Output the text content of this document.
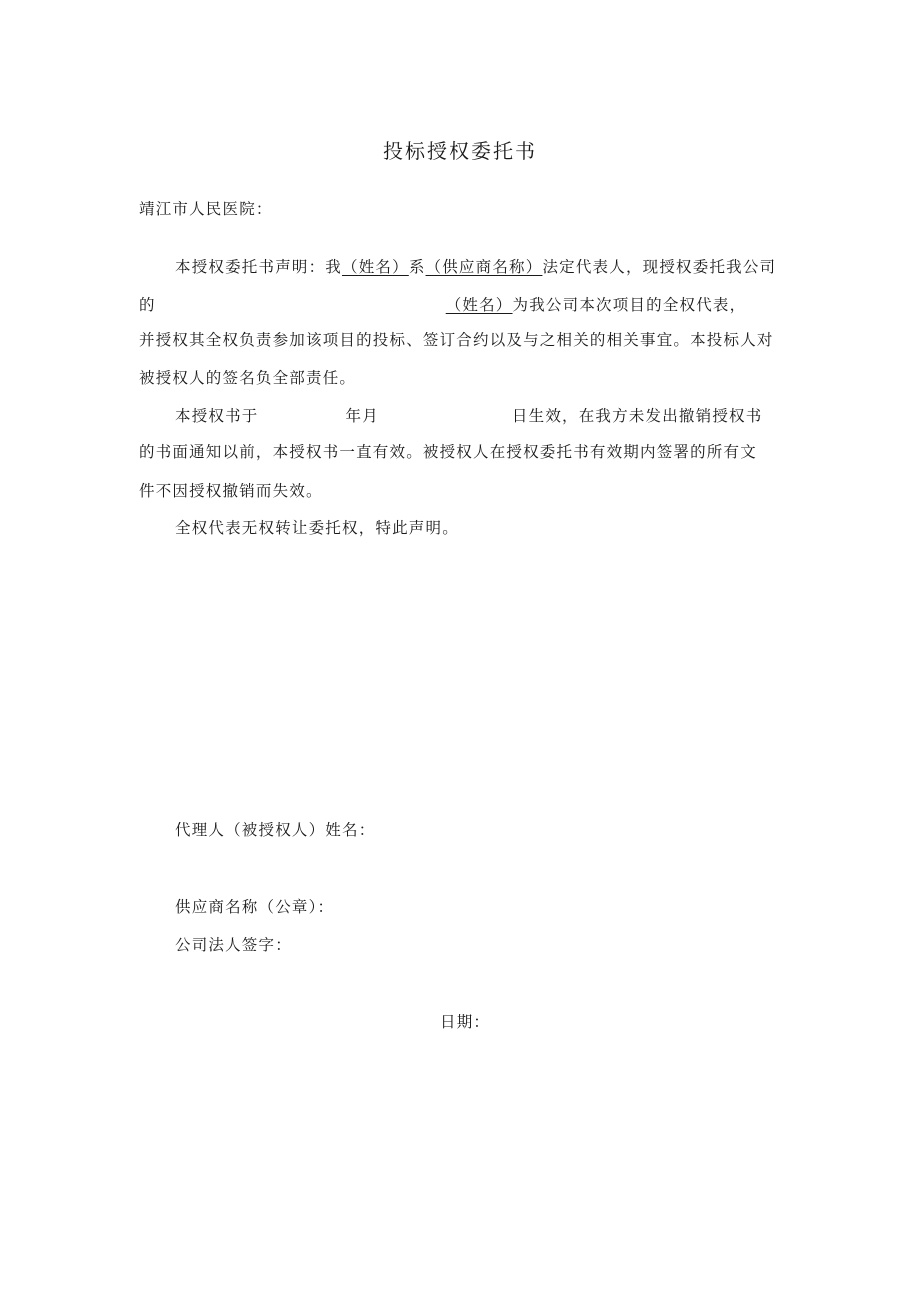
投标授权委托书
靖江市人民医院：
本授权委托书声明：我（姓名）系（供应商名称）法定代表人，现授权委托我公司
的	（姓名）为我公司本次项目的全权代表，
并授权其全权负责参加该项目的投标、签订合约以及与之相关的相关事宜。本投标人对
被授权人的签名负全部责任。
本授权书于	年月	日生效，在我方未发出撤销授权书
的书面通知以前，本授权书一直有效。被授权人在授权委托书有效期内签署的所有文
件不因授权撤销而失效。
全权代表无权转让委托权，特此声明。
代理人（被授权人）姓名：
供应商名称（公章）：
公司法人签字：
日期：
